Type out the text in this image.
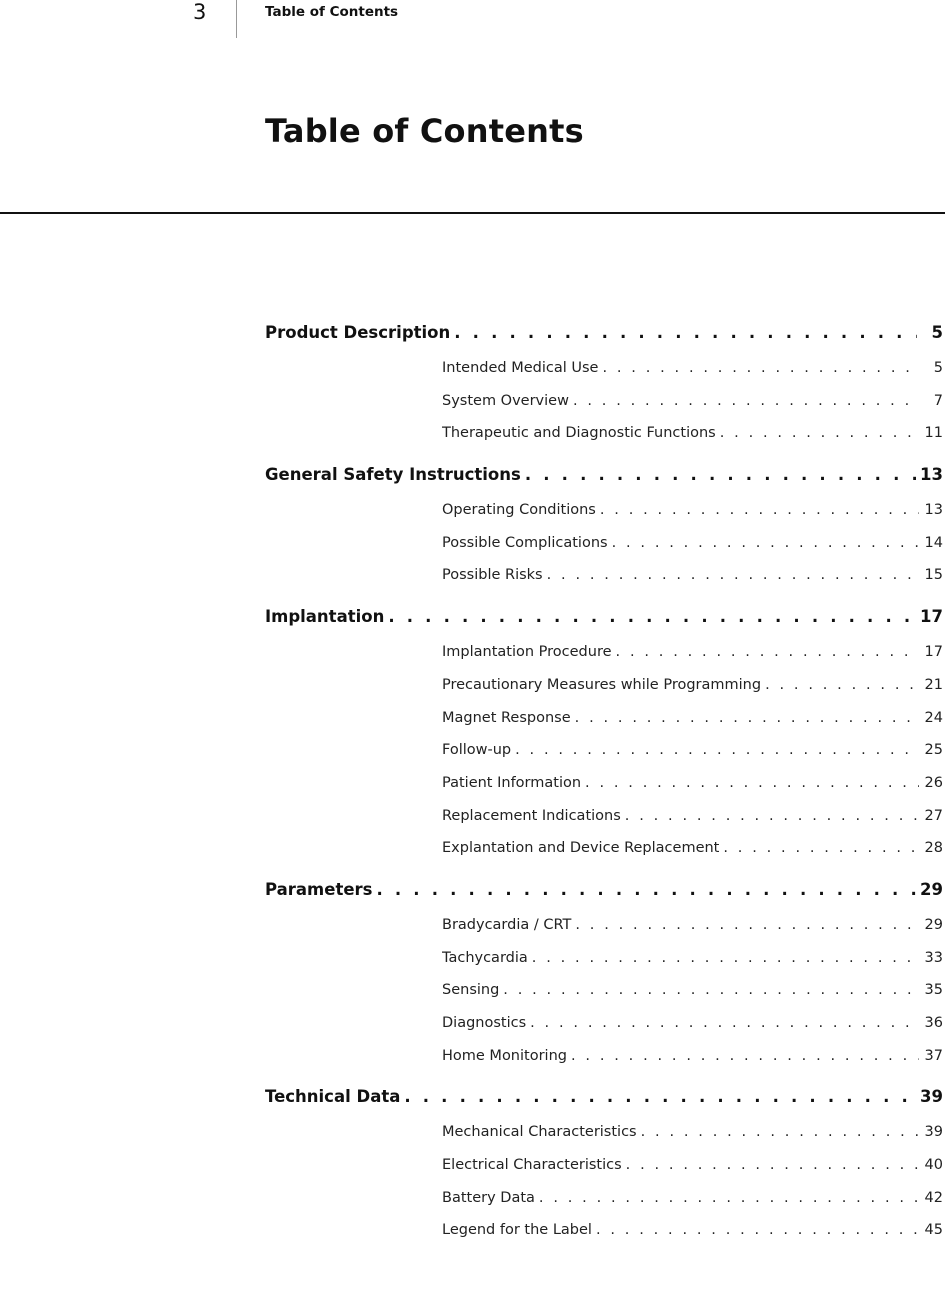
3	Table of Contents
Table of Contents
Product Description . . .	5
Intended Medical Use . . .	5
System Overview . . .	7
Therapeutic and Diagnostic Functions . . .	11
General Safety Instructions . . .	13
Operating Conditions . . .	13
Possible Complications . . .	14
Possible Risks . . .	15
Implantation . . .	17
Implantation Procedure . . .	17
Precautionary Measures while Programming . . .	21
Magnet Response . . .	24
Follow-up . . .	25
Patient Information . . .	26
Replacement Indications . . .	27
Explantation and Device Replacement . . .	28
Parameters . . .	29
Bradycardia / CRT . . .	29
Tachycardia . . .	33
Sensing . . .	35
Diagnostics . . .	36
Home Monitoring . . .	37
Technical Data . . .	39
Mechanical Characteristics . . .	39
Electrical Characteristics . . .	40
Battery Data . . .	42
Legend for the Label . . .	45
